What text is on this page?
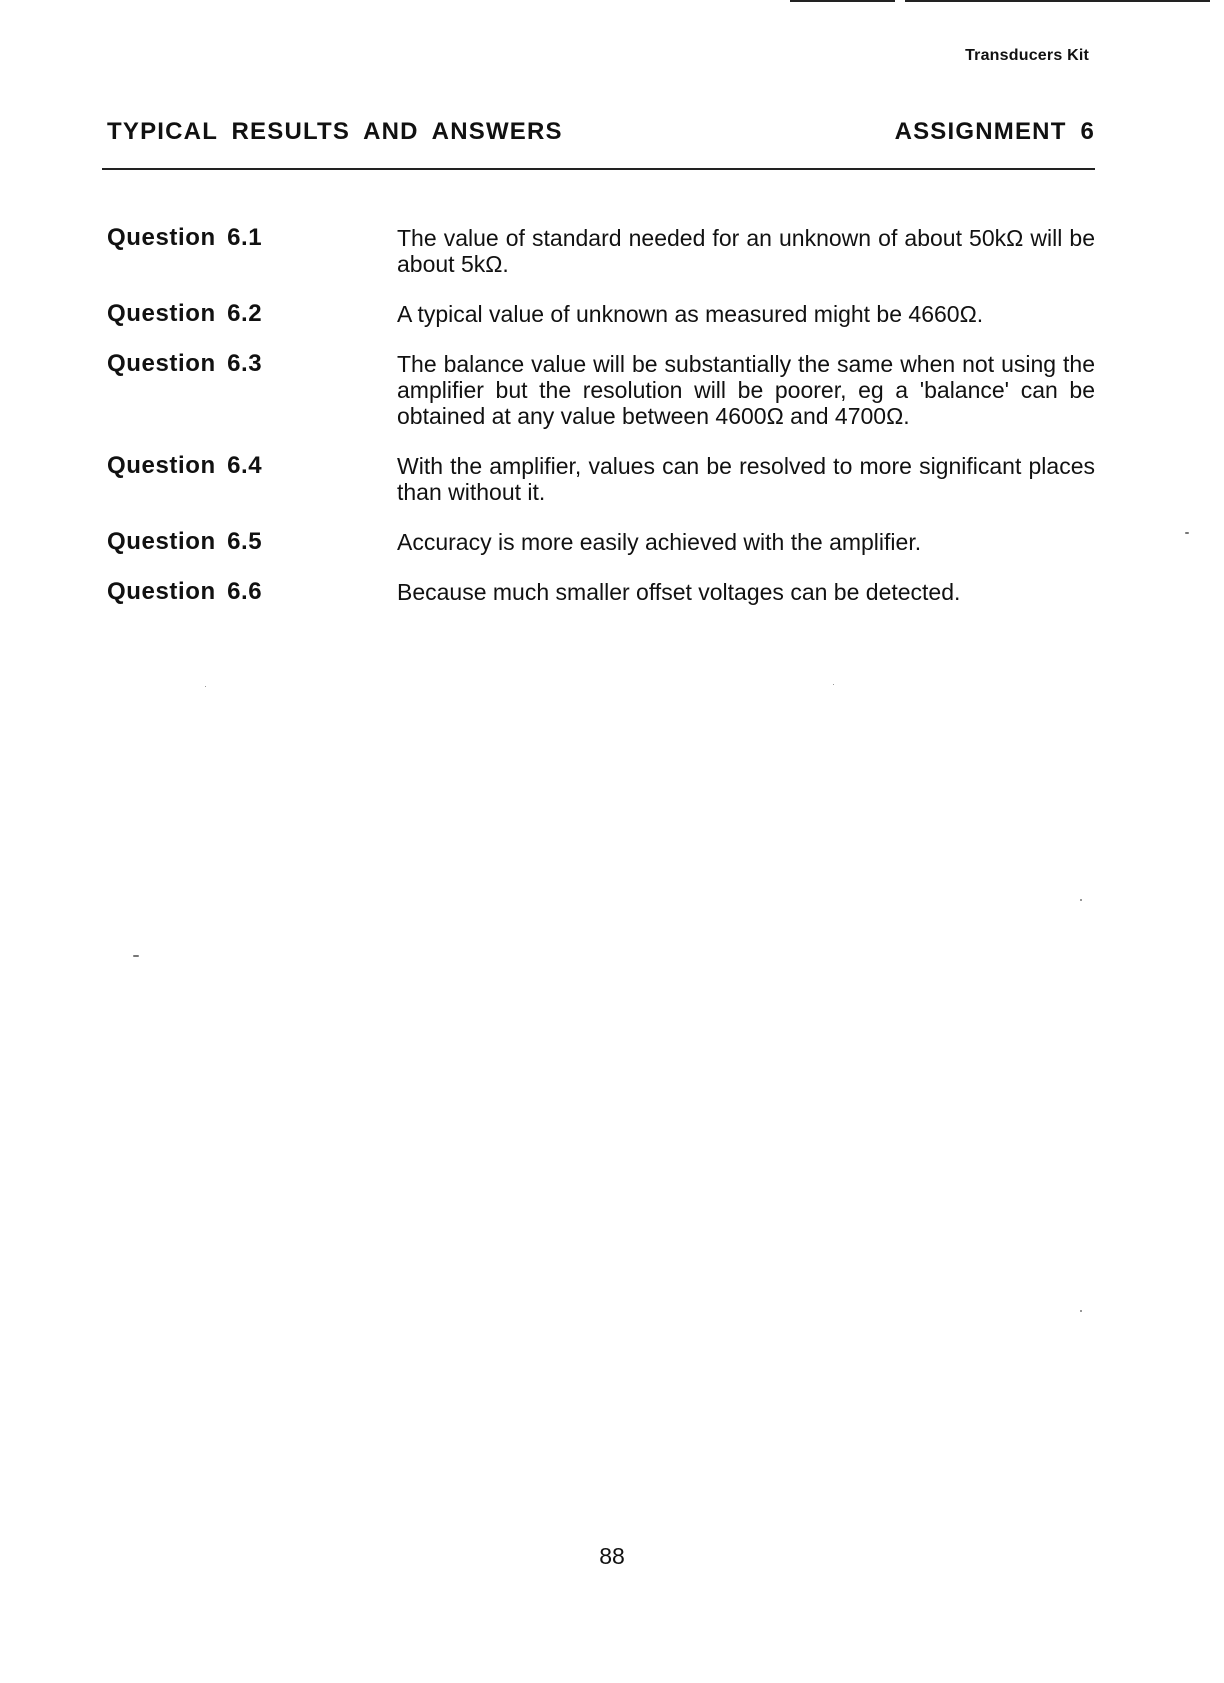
Transducers Kit
TYPICAL RESULTS AND ANSWERS	ASSIGNMENT 6
Question 6.1	The value of standard needed for an unknown of about 50kΩ will be about 5kΩ.
Question 6.2	A typical value of unknown as measured might be 4660Ω.
Question 6.3	The balance value will be substantially the same when not using the amplifier but the resolution will be poorer, eg a 'balance' can be obtained at any value between 4600Ω and 4700Ω.
Question 6.4	With the amplifier, values can be resolved to more significant places than without it.
Question 6.5	Accuracy is more easily achieved with the amplifier.
Question 6.6	Because much smaller offset voltages can be detected.
88
